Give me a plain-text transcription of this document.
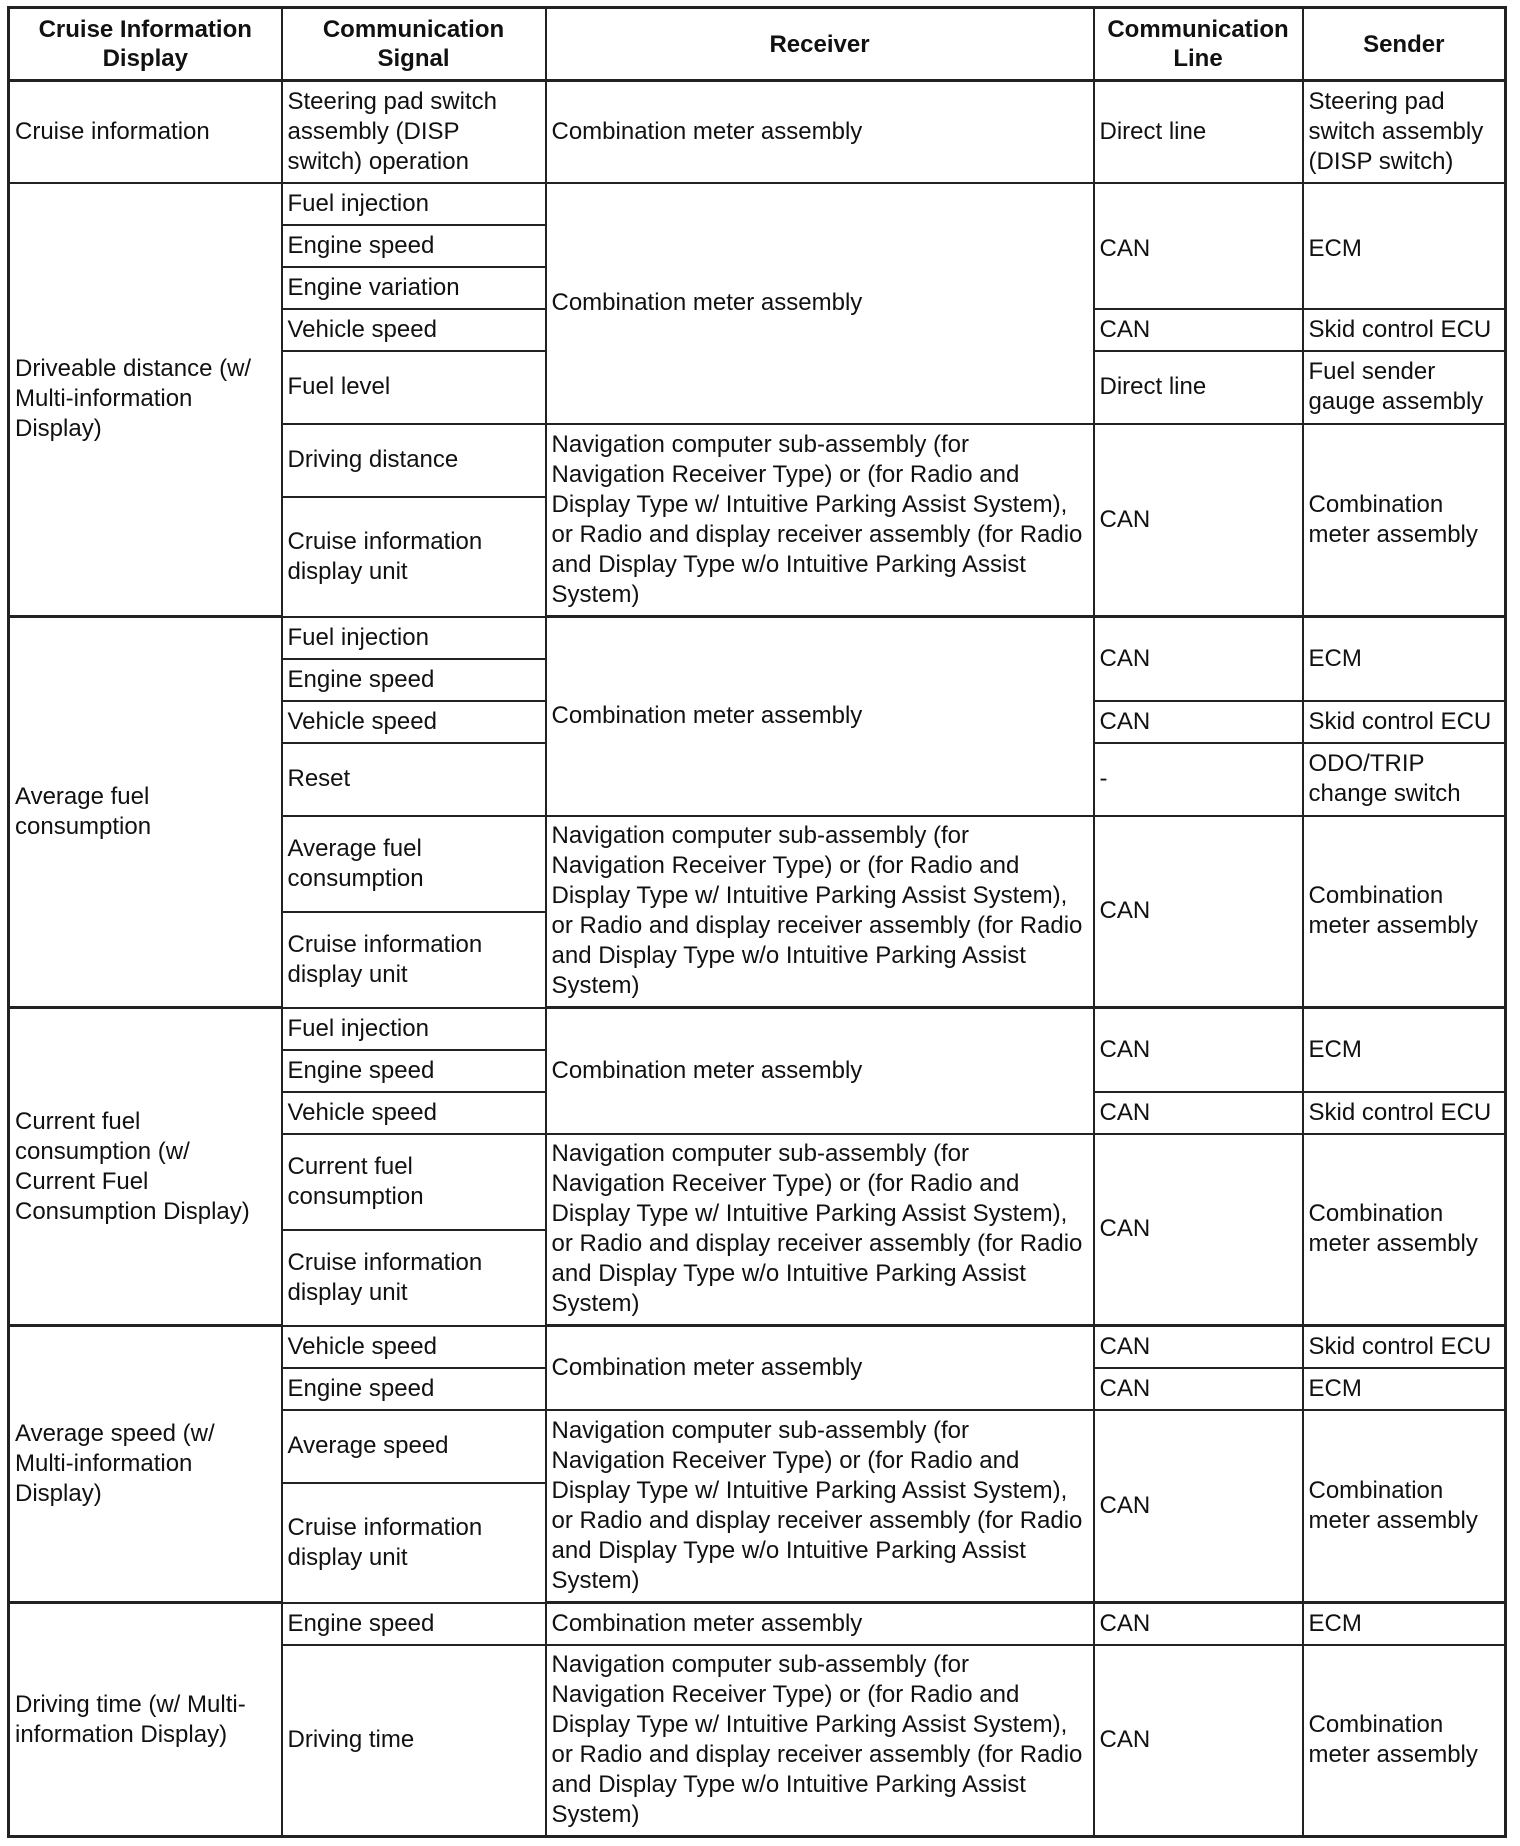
Cruise Information Display	Communication Signal	Receiver	Communication Line	Sender
Cruise information	Steering pad switch assembly (DISP switch) operation	Combination meter assembly	Direct line	Steering pad switch assembly (DISP switch)
Driveable distance (w/ Multi-information Display)	Fuel injection	Combination meter assembly	CAN	ECM
	Engine speed			
	Engine variation			
	Vehicle speed		CAN	Skid control ECU
	Fuel level		Direct line	Fuel sender gauge assembly
	Driving distance	Navigation computer sub-assembly (for Navigation Receiver Type) or (for Radio and Display Type w/ Intuitive Parking Assist System), or Radio and display receiver assembly (for Radio and Display Type w/o Intuitive Parking Assist System)	CAN	Combination meter assembly
	Cruise information display unit			
Average fuel consumption	Fuel injection	Combination meter assembly	CAN	ECM
	Engine speed			
	Vehicle speed		CAN	Skid control ECU
	Reset		-	ODO/TRIP change switch
	Average fuel consumption	Navigation computer sub-assembly (for Navigation Receiver Type) or (for Radio and Display Type w/ Intuitive Parking Assist System), or Radio and display receiver assembly (for Radio and Display Type w/o Intuitive Parking Assist System)	CAN	Combination meter assembly
	Cruise information display unit			
Current fuel consumption (w/ Current Fuel Consumption Display)	Fuel injection	Combination meter assembly	CAN	ECM
	Engine speed			
	Vehicle speed		CAN	Skid control ECU
	Current fuel consumption	Navigation computer sub-assembly (for Navigation Receiver Type) or (for Radio and Display Type w/ Intuitive Parking Assist System), or Radio and display receiver assembly (for Radio and Display Type w/o Intuitive Parking Assist System)	CAN	Combination meter assembly
	Cruise information display unit			
Average speed (w/ Multi-information Display)	Vehicle speed	Combination meter assembly	CAN	Skid control ECU
	Engine speed		CAN	ECM
	Average speed	Navigation computer sub-assembly (for Navigation Receiver Type) or (for Radio and Display Type w/ Intuitive Parking Assist System), or Radio and display receiver assembly (for Radio and Display Type w/o Intuitive Parking Assist System)	CAN	Combination meter assembly
	Cruise information display unit			
Driving time (w/ Multi-information Display)	Engine speed	Combination meter assembly	CAN	ECM
	Driving time	Navigation computer sub-assembly (for Navigation Receiver Type) or (for Radio and Display Type w/ Intuitive Parking Assist System), or Radio and display receiver assembly (for Radio and Display Type w/o Intuitive Parking Assist System)	CAN	Combination meter assembly
